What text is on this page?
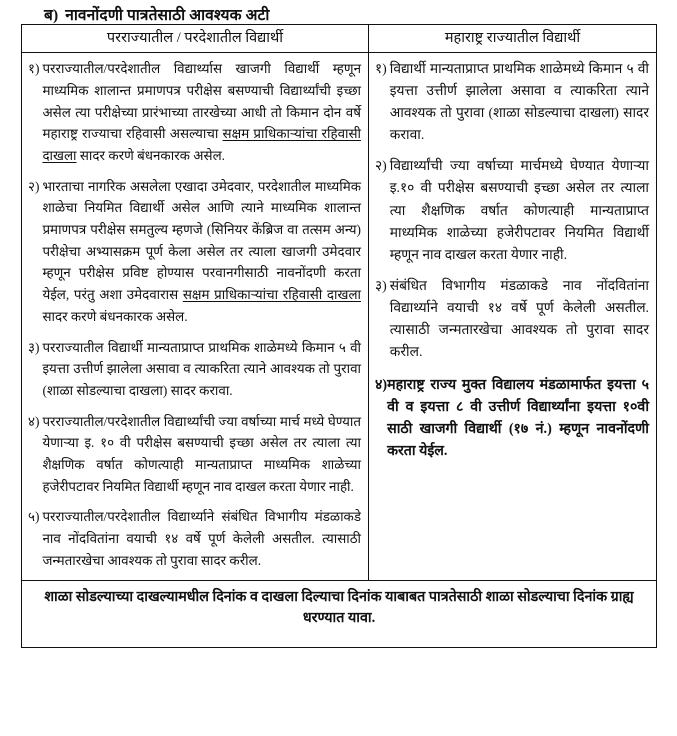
ब) नावनोंदणी पात्रतेसाठी आवश्यक अटी
परराज्यातील / परदेशातील विद्यार्थी	महाराष्ट्र राज्यातील विद्यार्थी

१) परराज्यातील/परदेशातील विद्यार्थ्यास खाजगी विद्यार्थी म्हणून माध्यमिक शालान्त प्रमाणपत्र परीक्षेस बसण्याची विद्यार्थ्यांची इच्छा असेल त्या परीक्षेच्या प्रारंभाच्या तारखेच्या आधी तो किमान दोन वर्षे महाराष्ट्र राज्याचा रहिवासी असल्याचा सक्षम प्राधिकाऱ्यांचा रहिवासी दाखला सादर करणे बंधनकारक असेल.
२) भारताचा नागरिक असलेला एखादा उमेदवार, परदेशातील माध्यमिक शाळेचा नियमित विद्यार्थी असेल आणि त्याने माध्यमिक शालान्त प्रमाणपत्र परीक्षेस समतुल्य म्हणजे (सिनियर केंब्रिज वा तत्सम अन्य) परीक्षेचा अभ्यासक्रम पूर्ण केला असेल तर त्याला खाजगी उमेदवार म्हणून परीक्षेस प्रविष्ट होण्यास परवानगीसाठी नावनोंदणी करता येईल, परंतु अशा उमेदवारास सक्षम प्राधिकाऱ्यांचा रहिवासी दाखला सादर करणे बंधनकारक असेल.
३) परराज्यातील विद्यार्थी मान्यताप्राप्त प्राथमिक शाळेमध्ये किमान ५ वी इयत्ता उत्तीर्ण झालेला असावा व त्याकरिता त्याने आवश्यक तो पुरावा (शाळा सोडल्याचा दाखला) सादर करावा.
४) परराज्यातील/परदेशातील विद्यार्थ्यांची ज्या वर्षाच्या मार्च मध्ये घेण्यात येणाऱ्या इ. १० वी परीक्षेस बसण्याची इच्छा असेल तर त्याला त्या शैक्षणिक वर्षात कोणत्याही मान्यताप्राप्त माध्यमिक शाळेच्या हजेरीपटावर नियमित विद्यार्थी म्हणून नाव दाखल करता येणार नाही.
५) परराज्यातील/परदेशातील विद्यार्थ्याने संबंधित विभागीय मंडळाकडे नाव नोंदवितांना वयाची १४ वर्षे पूर्ण केलेली असतील. त्यासाठी जन्मतारखेचा आवश्यक तो पुरावा सादर करील.

१) विद्यार्थी मान्यताप्राप्त प्राथमिक शाळेमध्ये किमान ५ वी इयत्ता उत्तीर्ण झालेला असावा व त्याकरिता त्याने आवश्यक तो पुरावा (शाळा सोडल्याचा दाखला) सादर करावा.
२) विद्यार्थ्यांची ज्या वर्षाच्या मार्चमध्ये घेण्यात येणाऱ्या इ.१० वी परीक्षेस बसण्याची इच्छा असेल तर त्याला त्या शैक्षणिक वर्षात कोणत्याही मान्यताप्राप्त माध्यमिक शाळेच्या हजेरीपटावर नियमित विद्यार्थी म्हणून नाव दाखल करता येणार नाही.
३) संबंधित विभागीय मंडळाकडे नाव नोंदवितांना विद्यार्थ्याने वयाची १४ वर्षे पूर्ण केलेली असतील. त्यासाठी जन्मतारखेचा आवश्यक तो पुरावा सादर करील.
४) महाराष्ट्र राज्य मुक्त विद्यालय मंडळामार्फत इयत्ता ५ वी व इयत्ता ८ वी उत्तीर्ण विद्यार्थ्यांना इयत्ता १०वी साठी खाजगी विद्यार्थी (१७ नं.) म्हणून नावनोंदणी करता येईल.

शाळा सोडल्याच्या दाखल्यामधील दिनांक व दाखला दिल्याचा दिनांक याबाबत पात्रतेसाठी शाळा सोडल्याचा दिनांक ग्राह्य धरण्यात यावा.	
